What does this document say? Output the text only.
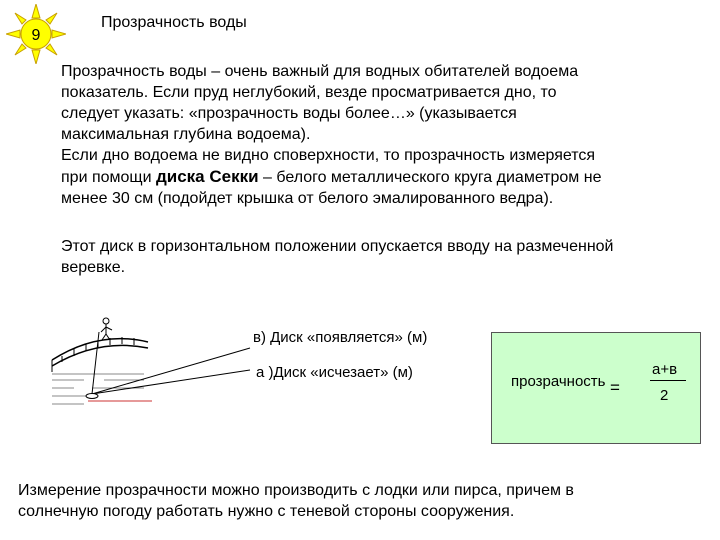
9
Прозрачность воды
Прозрачность воды – очень важный для водных обитателей водоема
показатель. Если пруд неглубокий, везде просматривается дно, то
следует указать: «прозрачность воды более…» (указывается
максимальная глубина водоема).
Если дно водоема не видно споверхности, то прозрачность измеряется
при помощи диска Секки – белого металлического круга диаметром не
менее 30 см (подойдет крышка от белого эмалированного ведра).
Этот диск в горизонтальном положении опускается вводу на размеченной
веревке.
в) Диск «появляется» (м)
а )Диск «исчезает» (м)
прозрачность =
а+в
2
Измерение прозрачности можно производить с лодки или пирса, причем в
солнечную погоду работать нужно с теневой стороны сооружения.
